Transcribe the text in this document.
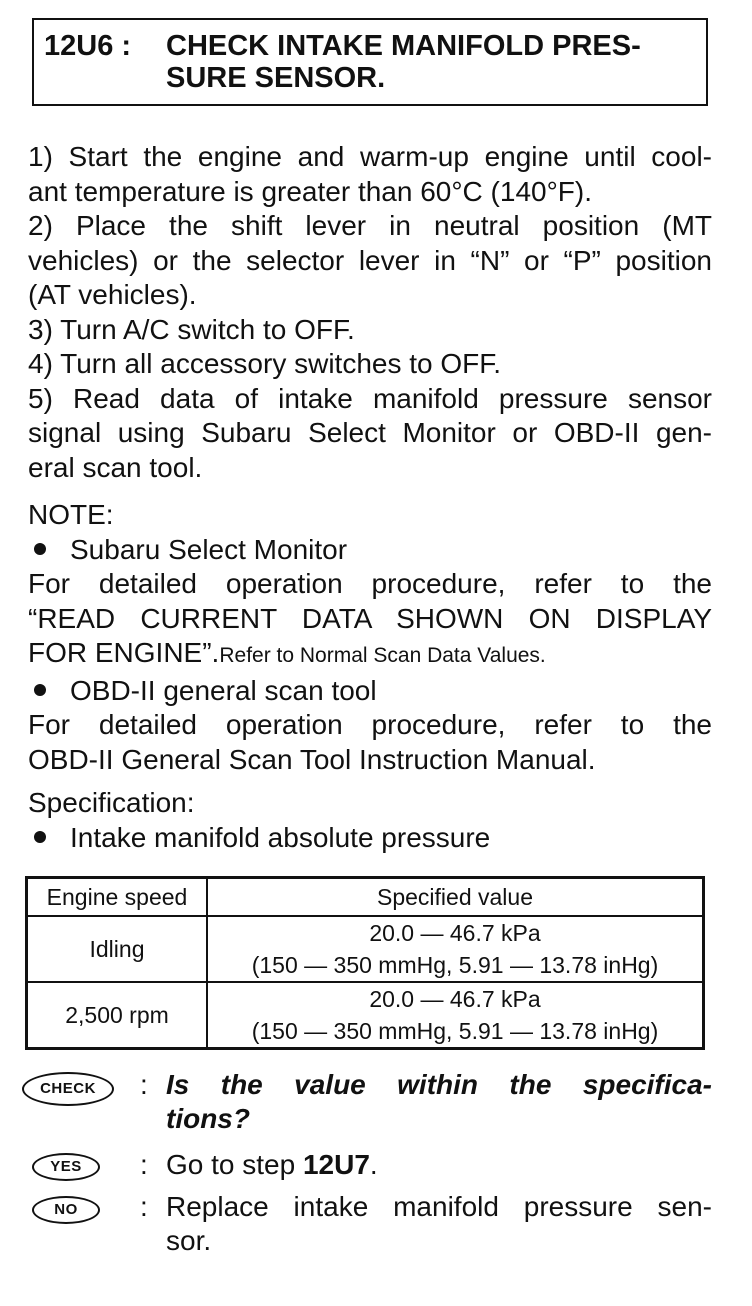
12U6 : CHECK INTAKE MANIFOLD PRES-
SURE SENSOR.
1) Start the engine and warm-up engine until cool-
ant temperature is greater than 60°C (140°F).
2) Place the shift lever in neutral position (MT
vehicles) or the selector lever in “N” or “P” position
(AT vehicles).
3) Turn A/C switch to OFF.
4) Turn all accessory switches to OFF.
5) Read data of intake manifold pressure sensor
signal using Subaru Select Monitor or OBD-II gen-
eral scan tool.
NOTE:
Subaru Select Monitor
For detailed operation procedure, refer to the
“READ CURRENT DATA SHOWN ON DISPLAY
FOR ENGINE”.Refer to Normal Scan Data Values.
OBD-II general scan tool
For detailed operation procedure, refer to the
OBD-II General Scan Tool Instruction Manual.
Specification:
Intake manifold absolute pressure
Engine speed	Specified value
Idling	20.0 — 46.7 kPa
(150 — 350 mmHg, 5.91 — 13.78 inHg)

2,500 rpm	20.0 — 46.7 kPa
(150 — 350 mmHg, 5.91 — 13.78 inHg)
CHECK	: Is the value within the specifica-
tions?
YES	: Go to step 12U7.
NO	: Replace intake manifold pressure sen-
sor.
